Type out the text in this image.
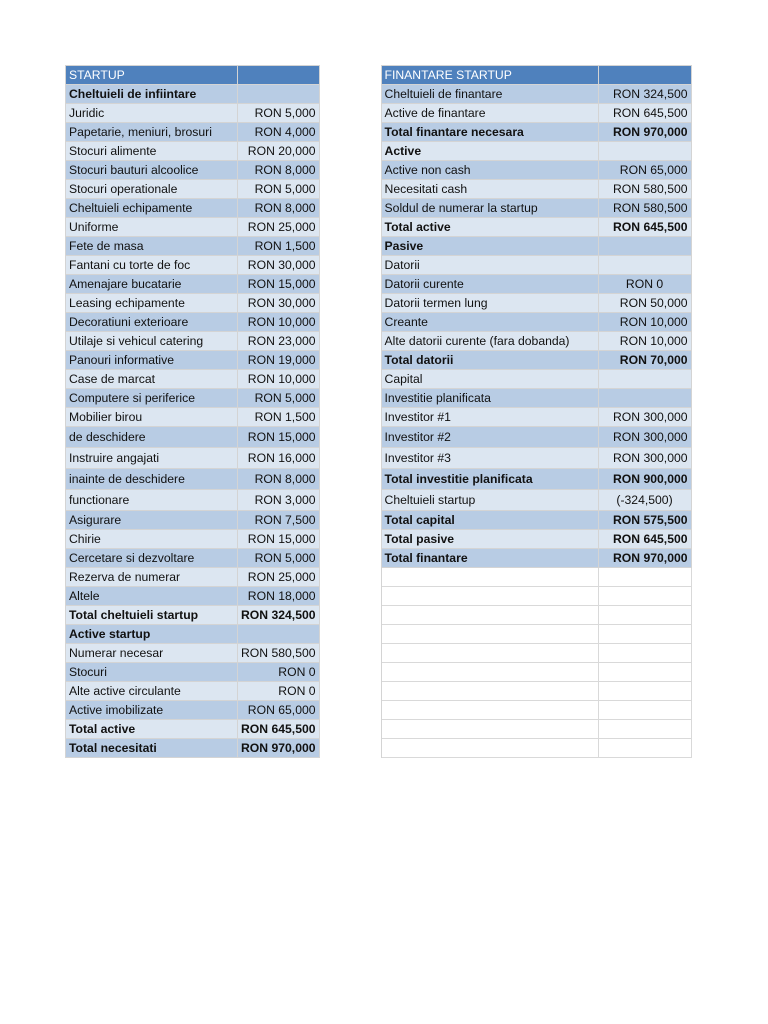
STARTUP			FINANTARE STARTUP	
Cheltuieli de infiintare			Cheltuieli de finantare	RON 324,500
Juridic	RON 5,000		Act͏ive de finantare	RON 645,500
Papetarie, meniuri, brosuri	RON 4,000		Total finantare necesara	RON 970,000
Stocuri alimente	RON 20,000		Active	
Stocuri bauturi alcoolice	RON 8,000		Act͏ive non cash	RON 65,000
Stocuri operat͏ionale	RON 5,000		Necesitat͏i cash	RON 580,500
Cheltuieli echipamente	RON 8,000		Soldul de numerar la startup	RON 580,500
Uniforme	RON 25,000		Total active	RON 645,500
Fete de masa	RON 1,500		Pasive	
Fantani cu torte de foc	RON 30,000		Datorii	
Amenajare bucatarie	RON 15,000		Datorii curente	RON 0
Leasing echipamente	RON 30,000		Datorii termen lung	RON 50,000
Decorat͏iuni exterioare	RON 10,000		Creante	RON 10,000
Ut͏ilaje si vehicul catering	RON 23,000		Alte datorii curente (fara dobanda)	RON 10,000
Panouri informat͏ive	RON 19,000		Total datorii	RON 70,000
Case de marcat	RON 10,000		Capital	
Computere si periferice	RON 5,000		Invest͏it͏ie planif͏icata	
Mobilier birou	RON 1,500		Invest͏itor #1	RON 300,000
de deschidere	RON 15,000		Invest͏itor #2	RON 300,000
Instruire angajat͏i	RON 16,000		Invest͏itor #3	RON 300,000
inainte de deschidere	RON 8,000		Total invest͏it͏ie planificata	RON 900,000
funct͏ionare	RON 3,000		Cheltuieli startup	(-324,500)
Asigurare	RON 7,500		Total capital	RON 575,500
Chirie	RON 15,000		Total pasive	RON 645,500
Cercetare si dezvoltare	RON 5,000		Total finantare	RON 970,000
Rezerva de numerar	RON 25,000			
Altele	RON 18,000			
Total cheltuieli startup	RON 324,500			
Active startup				
Numerar necesar	RON 580,500			
Stocuri	RON 0			
Alte act͏ive circulante	RON 0			
Act͏ive imobilizate	RON 65,000			
Total active	RON 645,500			
Total necesitati	RON 970,000			
